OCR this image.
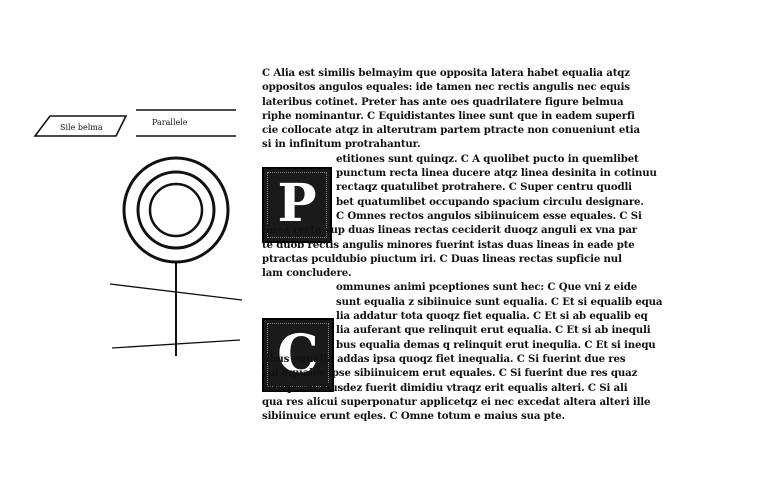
Sile belma
Parallele
P
C
C Alia est similis belmayim que opposita latera habet equalia atqz
oppositos angulos equales: ide tamen nec rectis angulis nec equis
lateribus cotinet. Preter has ante oes quadrilatere figure belmua
riphe nominantur. C Equidistantes linee sunt que in eadem superfi
cie collocate atqz in alterutram partem ptracte non conueniunt etia
si in infinitum protrahantur.
etitiones sunt quinqz. C A quolibet pucto in quemlibet
punctum recta linea ducere atqz linea desinita in cotinuu
rectaqz quatulibet protrahere. C Super centru quodli
bet quatumlibet occupando spacium circulu designare.
C Omnes rectos angulos sibiinuicem esse equales. C Si
linea recta sup duas lineas rectas ceciderit duoqz anguli ex vna par
te duob rectis angulis minores fuerint istas duas lineas in eade pte
ptractas pculdubio piuctum iri. C Duas lineas rectas supficie nul
lam concludere.
ommunes animi pceptiones sunt hec: C Que vni z eide
sunt equalia z sibiinuice sunt equalia. C Et si equalib equa
lia addatur tota quoqz fiet equalia. C Et si ab equalib eq
lia auferant que relinquit erut equalia. C Et si ab inequli
bus equalia demas q relinquit erut inequlia. C Et si inequ
libus equalia addas ipsa quoqz fiet inequalia. C Si fuerint due res
vni equales ipse sibiinuicem erut equales. C Si fuerint due res quaz
vtraqz vni eiusdez fuerit dimidiu vtraqz erit equalis alteri. C Si ali
qua res alicui superponatur applicetqz ei nec excedat altera alteri ille
sibiinuice erunt eqles. C Omne totum e maius sua pte.
